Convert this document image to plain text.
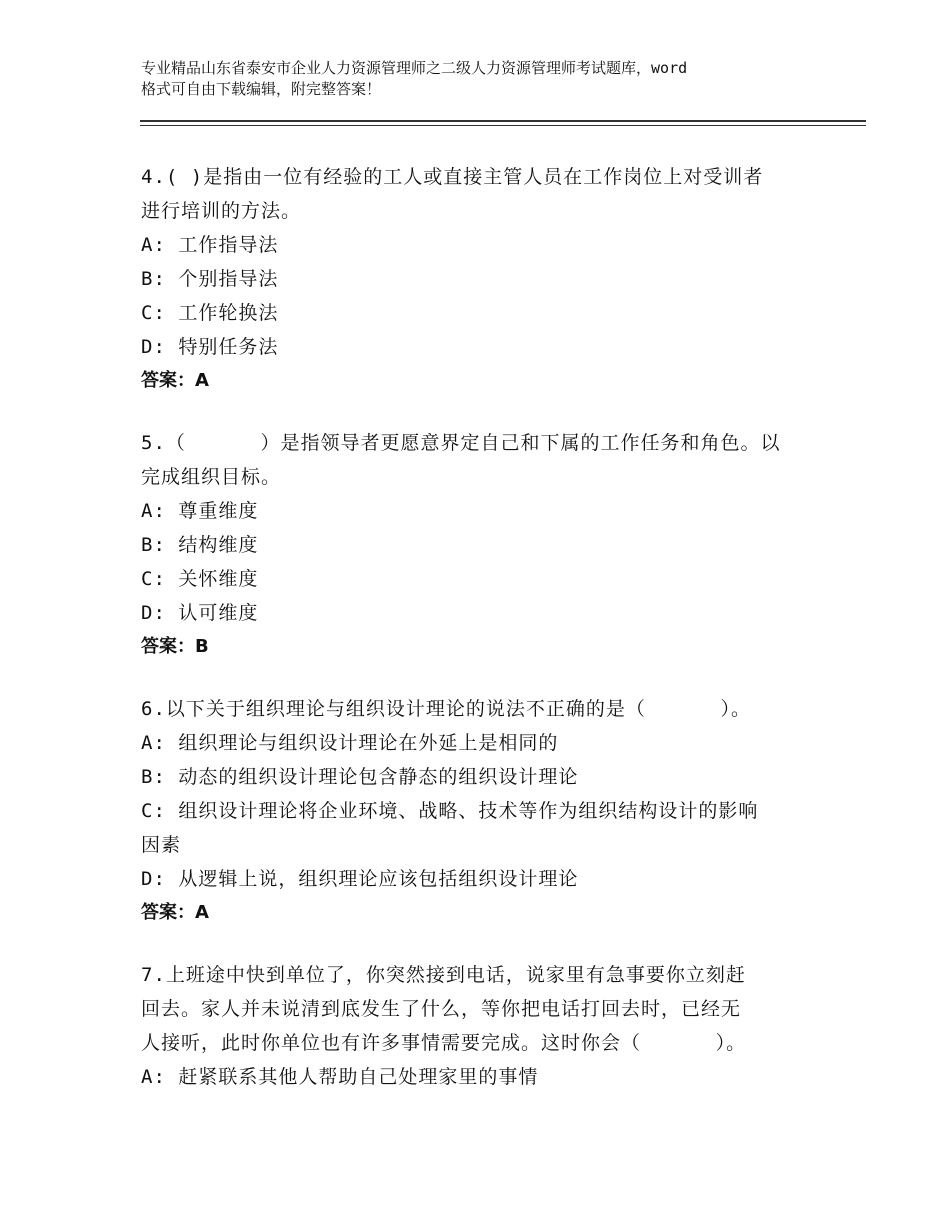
专业精品山东省泰安市企业人力资源管理师之二级人力资源管理师考试题库，word
格式可自由下载编辑，附完整答案！
4.( )是指由一位有经验的工人或直接主管人员在工作岗位上对受训者
进行培训的方法。
A: 工作指导法
B: 个别指导法
C: 工作轮换法
D: 特别任务法
答案：A
5.（      ）是指领导者更愿意界定自己和下属的工作任务和角色。以
完成组织目标。
A: 尊重维度
B: 结构维度
C: 关怀维度
D: 认可维度
答案：B
6.以下关于组织理论与组织设计理论的说法不正确的是（      ）。
A: 组织理论与组织设计理论在外延上是相同的
B: 动态的组织设计理论包含静态的组织设计理论
C: 组织设计理论将企业环境、战略、技术等作为组织结构设计的影响
因素
D: 从逻辑上说，组织理论应该包括组织设计理论
答案：A
7.上班途中快到单位了，你突然接到电话，说家里有急事要你立刻赶
回去。家人并未说清到底发生了什么，等你把电话打回去时，已经无
人接听，此时你单位也有许多事情需要完成。这时你会（      ）。
A: 赶紧联系其他人帮助自己处理家里的事情
